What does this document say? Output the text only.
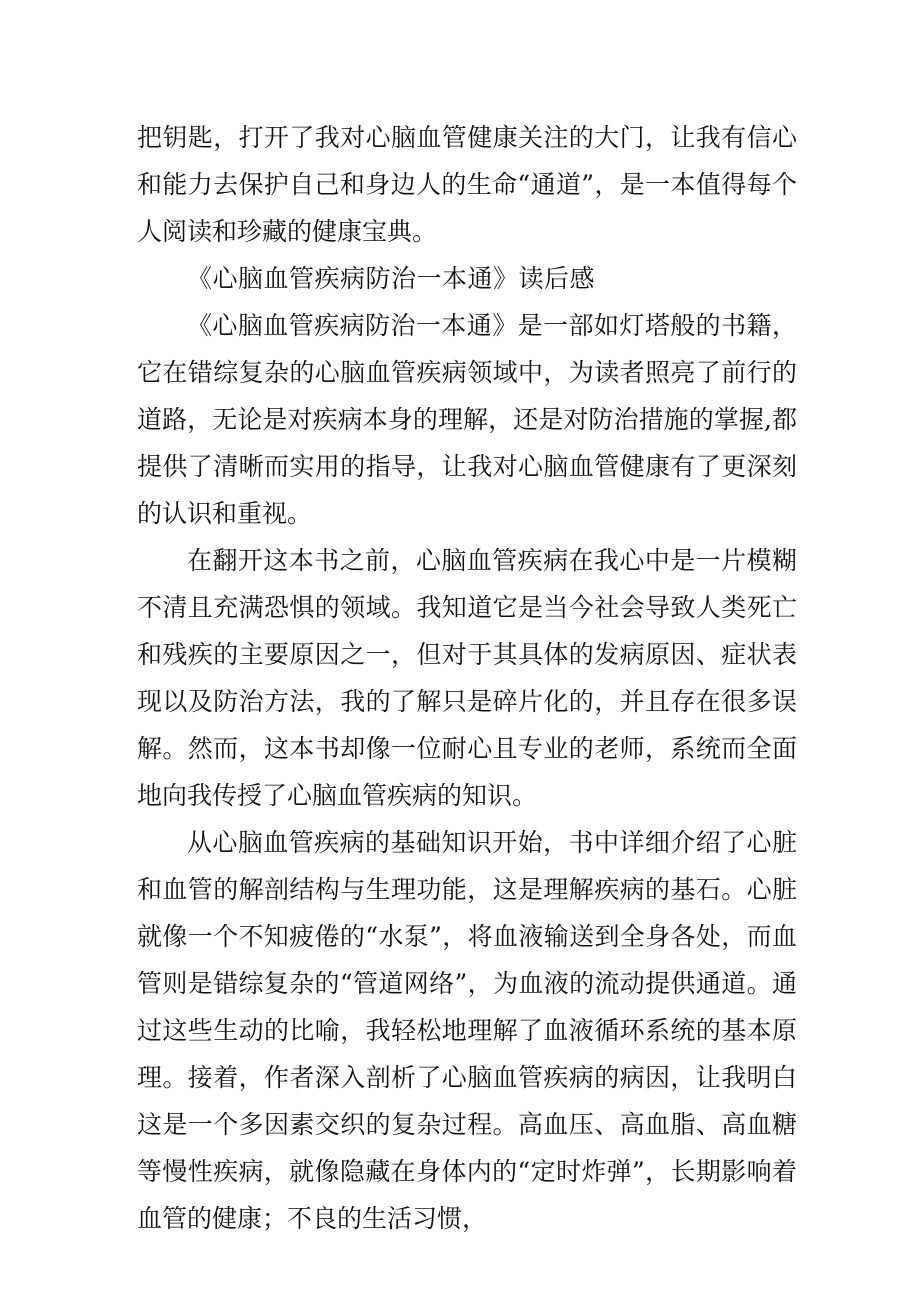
把钥匙，打开了我对心脑血管健康关注的大门，让我有信心和能力去保护自己和身边人的生命“通道”，是一本值得每个人阅读和珍藏的健康宝典。

《心脑血管疾病防治一本通》读后感

《心脑血管疾病防治一本通》是一部如灯塔般的书籍，它在错综复杂的心脑血管疾病领域中，为读者照亮了前行的道路，无论是对疾病本身的理解，还是对防治措施的掌握,都提供了清晰而实用的指导，让我对心脑血管健康有了更深刻的认识和重视。

在翻开这本书之前，心脑血管疾病在我心中是一片模糊不清且充满恐惧的领域。我知道它是当今社会导致人类死亡和残疾的主要原因之一，但对于其具体的发病原因、症状表现以及防治方法，我的了解只是碎片化的，并且存在很多误解。然而，这本书却像一位耐心且专业的老师，系统而全面地向我传授了心脑血管疾病的知识。

从心脑血管疾病的基础知识开始，书中详细介绍了心脏和血管的解剖结构与生理功能，这是理解疾病的基石。心脏就像一个不知疲倦的“水泵”，将血液输送到全身各处，而血管则是错综复杂的“管道网络”，为血液的流动提供通道。通过这些生动的比喻，我轻松地理解了血液循环系统的基本原理。接着，作者深入剖析了心脑血管疾病的病因，让我明白这是一个多因素交织的复杂过程。高血压、高血脂、高血糖等慢性疾病，就像隐藏在身体内的“定时炸弹”，长期影响着血管的健康；不良的生活习惯，
